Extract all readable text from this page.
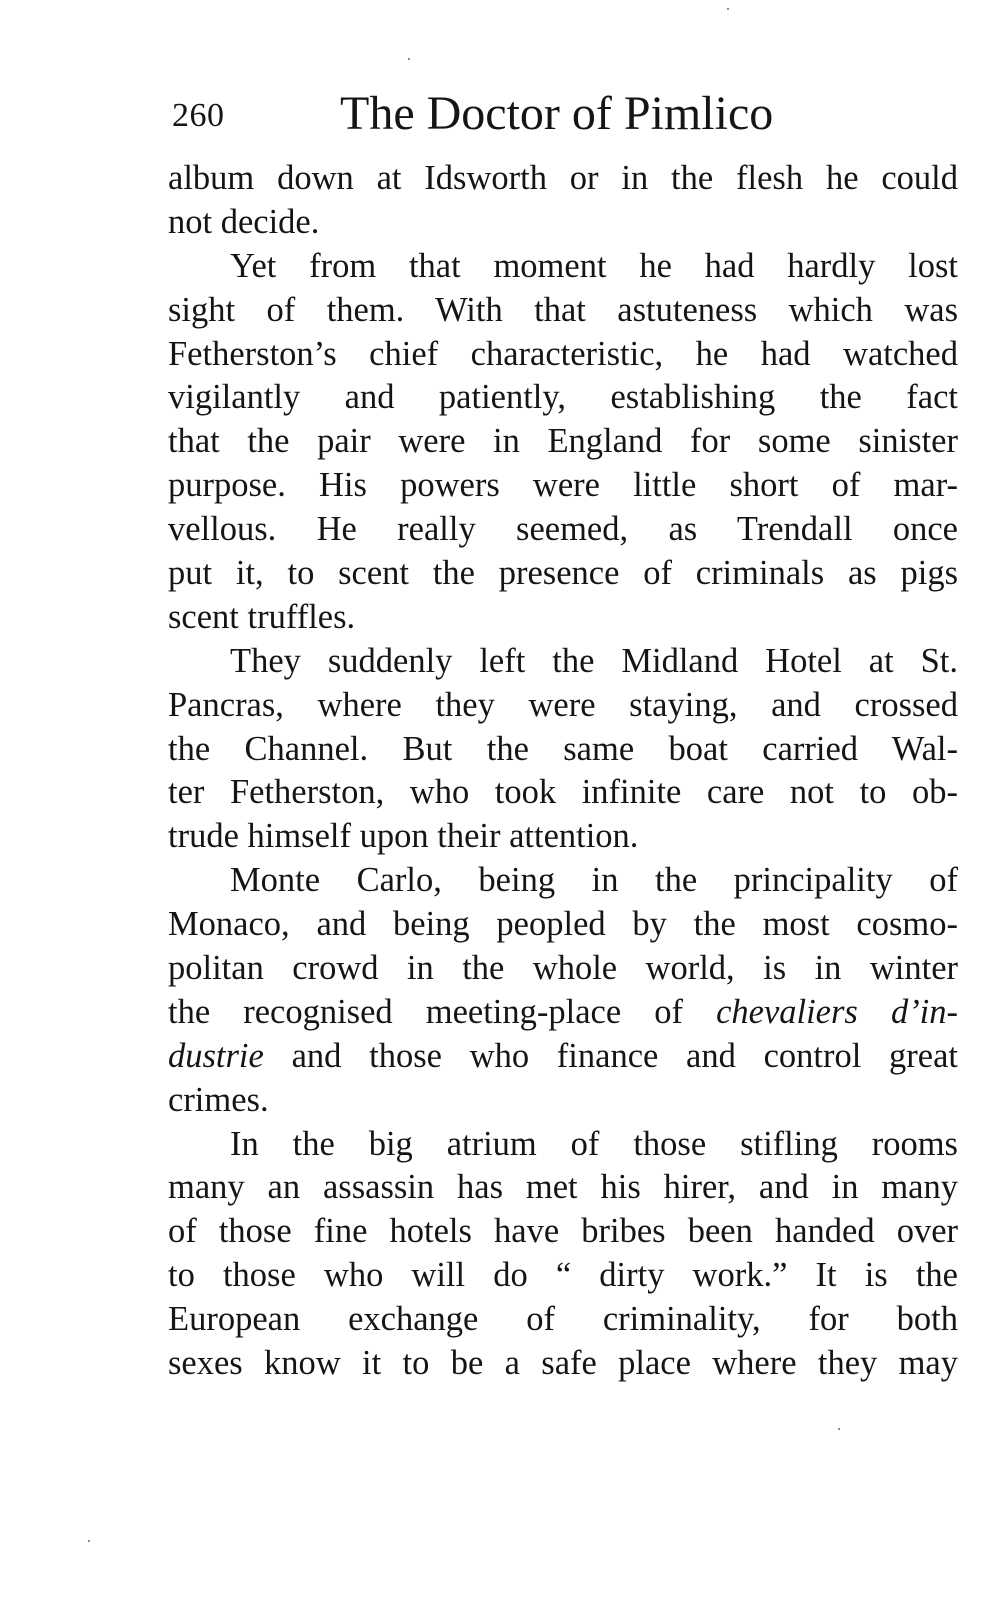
260 The Doctor of Pimlico
album down at Idsworth or in the flesh he could
not decide.
Yet from that moment he had hardly lost
sight of them. With that astuteness which was
Fetherston’s chief characteristic, he had watched
vigilantly and patiently, establishing the fact
that the pair were in England for some sinister
purpose. His powers were little short of mar-
vellous. He really seemed, as Trendall once
put it, to scent the presence of criminals as pigs
scent truffles.
They suddenly left the Midland Hotel at St.
Pancras, where they were staying, and crossed
the Channel. But the same boat carried Wal-
ter Fetherston, who took infinite care not to ob-
trude himself upon their attention.
Monte Carlo, being in the principality of
Monaco, and being peopled by the most cosmo-
politan crowd in the whole world, is in winter
the recognised meeting-place of chevaliers d’in-
dustrie and those who finance and control great
crimes.
In the big atrium of those stifling rooms
many an assassin has met his hirer, and in many
of those fine hotels have bribes been handed over
to those who will do “ dirty work.” It is the
European exchange of criminality, for both
sexes know it to be a safe place where they may
